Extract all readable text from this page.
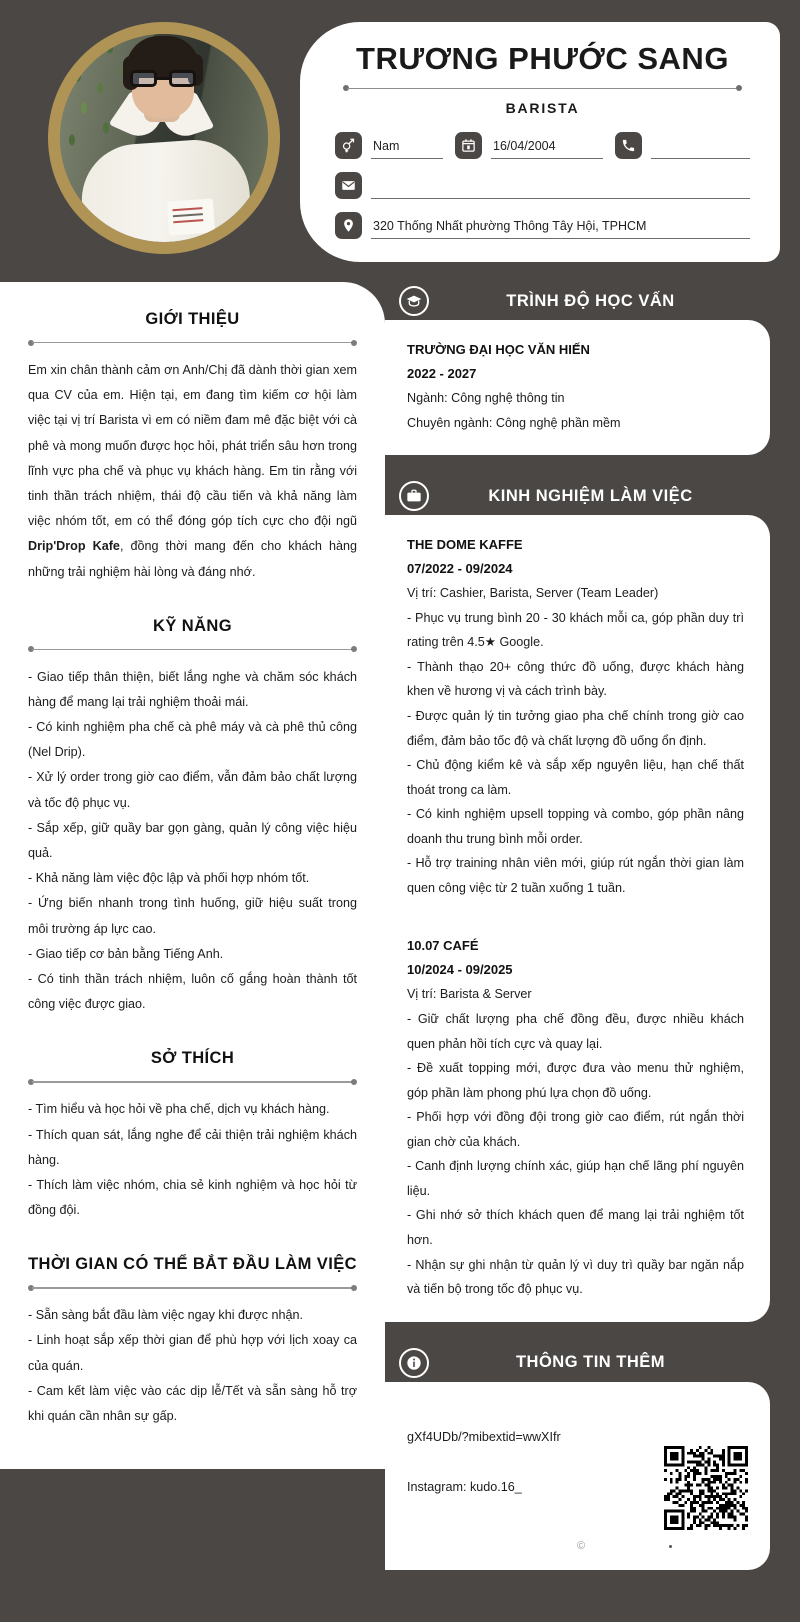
TRƯƠNG PHƯỚC SANG
BARISTA
Nam	16/04/2004
320 Thống Nhất phường Thông Tây Hội, TPHCM
GIỚI THIỆU

Em xin chân thành cảm ơn Anh/Chị đã dành thời gian xem qua CV của em. Hiện tại, em đang tìm kiếm cơ hội làm việc tại vị trí Barista vì em có niềm đam mê đặc biệt với cà phê và mong muốn được học hỏi, phát triển sâu hơn trong lĩnh vực pha chế và phục vụ khách hàng. Em tin rằng với tinh thần trách nhiệm, thái độ cầu tiến và khả năng làm việc nhóm tốt, em có thể đóng góp tích cực cho đội ngũ Drip'Drop Kafe, đồng thời mang đến cho khách hàng những trải nghiệm hài lòng và đáng nhớ.

KỸ NĂNG

- Giao tiếp thân thiện, biết lắng nghe và chăm sóc khách hàng để mang lại trải nghiệm thoải mái.

- Có kinh nghiệm pha chế cà phê máy và cà phê thủ công (Nel Drip).

- Xử lý order trong giờ cao điểm, vẫn đảm bảo chất lượng và tốc độ phục vụ.

- Sắp xếp, giữ quầy bar gọn gàng, quản lý công việc hiệu quả.

- Khả năng làm việc độc lập và phối hợp nhóm tốt.

- Ứng biến nhanh trong tình huống, giữ hiệu suất trong môi trường áp lực cao.

- Giao tiếp cơ bản bằng Tiếng Anh.

- Có tinh thần trách nhiệm, luôn cố gắng hoàn thành tốt công việc được giao.

SỞ THÍCH

- Tìm hiểu và học hỏi về pha chế, dịch vụ khách hàng.

- Thích quan sát, lắng nghe để cải thiện trải nghiệm khách hàng.

- Thích làm việc nhóm, chia sẻ kinh nghiệm và học hỏi từ đồng đội.

THỜI GIAN CÓ THỂ BẮT ĐẦU LÀM VIỆC

- Sẵn sàng bắt đầu làm việc ngay khi được nhận.

- Linh hoạt sắp xếp thời gian để phù hợp với lịch xoay ca của quán.

- Cam kết làm việc vào các dịp lễ/Tết và sẵn sàng hỗ trợ khi quán cần nhân sự gấp.

TRÌNH ĐỘ HỌC VẤN
TRƯỜNG ĐẠI HỌC VĂN HIẾN
2022 - 2027
Ngành: Công nghệ thông tin
Chuyên ngành: Công nghệ phần mềm
KINH NGHIỆM LÀM VIỆC
THE DOME KAFFE
07/2022 - 09/2024
Vị trí: Cashier, Barista, Server (Team Leader)
- Phục vụ trung bình 20 - 30 khách mỗi ca, góp phần duy trì rating trên 4.5★ Google.
- Thành thạo 20+ công thức đồ uống, được khách hàng khen về hương vị và cách trình bày.
- Được quản lý tin tưởng giao pha chế chính trong giờ cao điểm, đảm bảo tốc độ và chất lượng đồ uống ổn định.
- Chủ động kiểm kê và sắp xếp nguyên liệu, hạn chế thất thoát trong ca làm.
- Có kinh nghiệm upsell topping và combo, góp phần nâng doanh thu trung bình mỗi order.
- Hỗ trợ training nhân viên mới, giúp rút ngắn thời gian làm quen công việc từ 2 tuần xuống 1 tuần.
10.07 CAFÉ
10/2024 - 09/2025
Vị trí: Barista & Server
- Giữ chất lượng pha chế đồng đều, được nhiều khách quen phản hồi tích cực và quay lại.
- Đề xuất topping mới, được đưa vào menu thử nghiệm, góp phần làm phong phú lựa chọn đồ uống.
- Phối hợp với đồng đội trong giờ cao điểm, rút ngắn thời gian chờ của khách.
- Canh định lượng chính xác, giúp hạn chế lãng phí nguyên liệu.
- Ghi nhớ sở thích khách quen để mang lại trải nghiệm tốt hơn.
- Nhận sự ghi nhận từ quản lý vì duy trì quầy bar ngăn nắp và tiến bộ trong tốc độ phục vụ.
THÔNG TIN THÊM
gXf4UDb/?mibextid=wwXIfr
Instagram: kudo.16_
©
